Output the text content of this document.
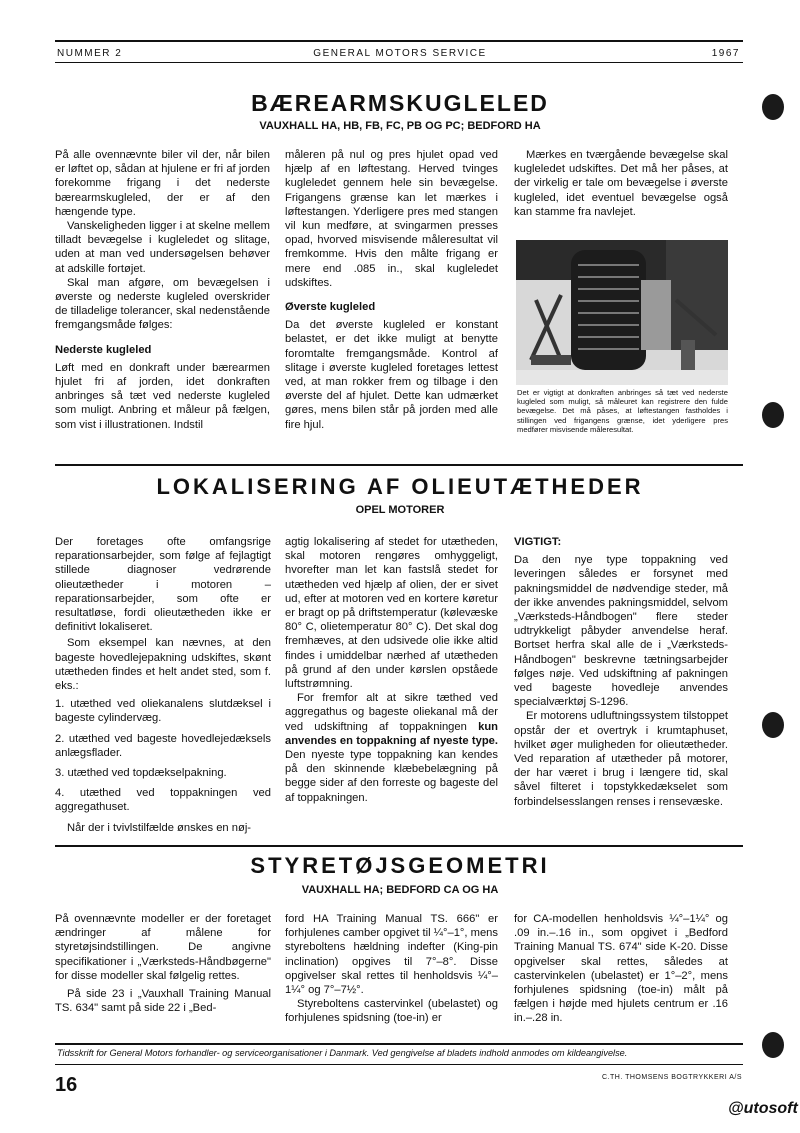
NUMMER 2	GENERAL MOTORS SERVICE	1967
BÆREARMSKUGLELED
VAUXHALL HA, HB, FB, FC, PB OG PC; BEDFORD HA

På alle ovennævnte biler vil der, når bilen er løftet op, sådan at hjulene er fri af jorden forekomme frigang i det nederste bærearmskugleled, der er af den hængende type.

Vanskeligheden ligger i at skelne mellem tilladt bevægelse i kugleledet og slitage, uden at man ved undersøgelsen behøver at adskille fortøjet.

Skal man afgøre, om bevægelsen i øverste og nederste kugleled overskrider de tilladelige tolerancer, skal nedenstående fremgangsmåde følges:

Nederste kugleled

Løft med en donkraft under bærearmen hjulet fri af jorden, idet donkraften anbringes så tæt ved nederste kugleled som muligt. Anbring et måleur på fælgen, som vist i illustrationen. Indstil

måleren på nul og pres hjulet opad ved hjælp af en løftestang. Herved tvinges kugleledet gennem hele sin bevægelse. Frigangens grænse kan let mærkes i løftestangen. Yderligere pres med stangen vil kun medføre, at svingarmen presses opad, hvorved misvisende måleresultat vil fremkomme. Hvis den målte frigang er mere end .085 in., skal kugleledet udskiftes.

Øverste kugleled

Da det øverste kugleled er konstant belastet, er det ikke muligt at benytte foromtalte fremgangsmåde. Kontrol af slitage i øverste kugleled foretages lettest ved, at man rokker frem og tilbage i den øverste del af hjulet. Dette kan udmærket gøres, mens bilen står på jorden med alle fire hjul.

Mærkes en tværgående bevægelse skal kugleledet udskiftes. Det må her påses, at der virkelig er tale om bevægelse i øverste kugleled, idet eventuel bevægelse også kan stamme fra navlejet.

Det er vigtigt at donkraften anbringes så tæt ved nederste kugleled som muligt, så måleuret kan registrere den fulde bevægelse. Det må påses, at løftestangen fastholdes i stillingen ved frigangens grænse, idet yderligere pres medfører misvisende måleresultat.
LOKALISERING AF OLIEUTÆTHEDER
OPEL MOTORER

Der foretages ofte omfangsrige reparationsarbejder, som følge af fejlagtigt stillede diagnoser vedrørende olieutætheder i motoren – reparationsarbejder, som ofte er resultatløse, fordi olieutætheden ikke er definitivt lokaliseret.

Som eksempel kan nævnes, at den bageste hovedlejepakning udskiftes, skønt utætheden findes et helt andet sted, som f. eks.:

1. utæthed ved oliekanalens slutdæksel i bageste cylindervæg.

2. utæthed ved bageste hovedlejedæksels anlægsflader.

3. utæthed ved topdækselpakning.

4. utæthed ved toppakningen ved aggregathuset.

Når der i tvivlstilfælde ønskes en nøj-

agtig lokalisering af stedet for utætheden, skal motoren rengøres omhyggeligt, hvorefter man let kan fastslå stedet for utætheden ved hjælp af olien, der er sivet ud, efter at motoren ved en kortere køretur er bragt op på driftstemperatur (kølevæske 80° C, olietemperatur 80° C). Det skal dog fremhæves, at den udsivede olie ikke altid findes i umiddelbar nærhed af utætheden på grund af den under kørslen opståede luftstrømning.

For fremfor alt at sikre tæthed ved aggregathus og bageste oliekanal må der ved udskiftning af toppakningen kun anvendes en toppakning af nyeste type. Den nyeste type toppakning kan kendes på den skinnende klæbebelægning på begge sider af den forreste og bageste del af toppakningen.

VIGTIGT:

Da den nye type toppakning ved leveringen således er forsynet med pakningsmiddel de nødvendige steder, må der ikke anvendes pakningsmiddel, selvom „Værksteds-Håndbogen" flere steder udtrykkeligt påbyder anvendelse heraf. Bortset herfra skal alle de i „Værksteds-Håndbogen" beskrevne tætningsarbejder følges nøje. Ved udskiftning af pakningen ved bageste hovedleje anvendes specialværktøj S-1296.

Er motorens udluftningssystem tilstoppet opstår der et overtryk i krumtaphuset, hvilket øger muligheden for olieutætheder. Ved reparation af utætheder på motorer, der har været i brug i længere tid, skal såvel filteret i topstykkedækselet som forbindelsesslangen renses i rensevæske.

STYRETØJSGEOMETRI
VAUXHALL HA; BEDFORD CA OG HA

På ovennævnte modeller er der foretaget ændringer af målene for styretøjsindstillingen. De angivne specifikationer i „Værksteds-Håndbøgerne" for disse modeller skal følgelig rettes.

På side 23 i „Vauxhall Training Manual TS. 634" samt på side 22 i „Bed-

ford HA Training Manual TS. 666" er forhjulenes camber opgivet til ¼°–1°, mens styreboltens hældning indefter (King-pin inclination) opgives til 7°–8°. Disse opgivelser skal rettes til henholdsvis ¼°–1¼° og 7°–7½°.

Styreboltens castervinkel (ubelastet) og forhjulenes spidsning (toe-in) er

for CA-modellen henholdsvis ¼°–1¼° og .09 in.–.16 in., som opgivet i „Bedford Training Manual TS. 674" side K-20. Disse opgivelser skal rettes, således at castervinkelen (ubelastet) er 1°–2°, mens forhjulenes spidsning (toe-in) målt på fælgen i højde med hjulets centrum er .16 in.–.28 in.

Tidsskrift for General Motors forhandler- og serviceorganisationer i Danmark. Ved gengivelse af bladets indhold anmodes om kildeangivelse.
16	C.TH. THOMSENS BOGTRYKKERI A/S
@utosoft
